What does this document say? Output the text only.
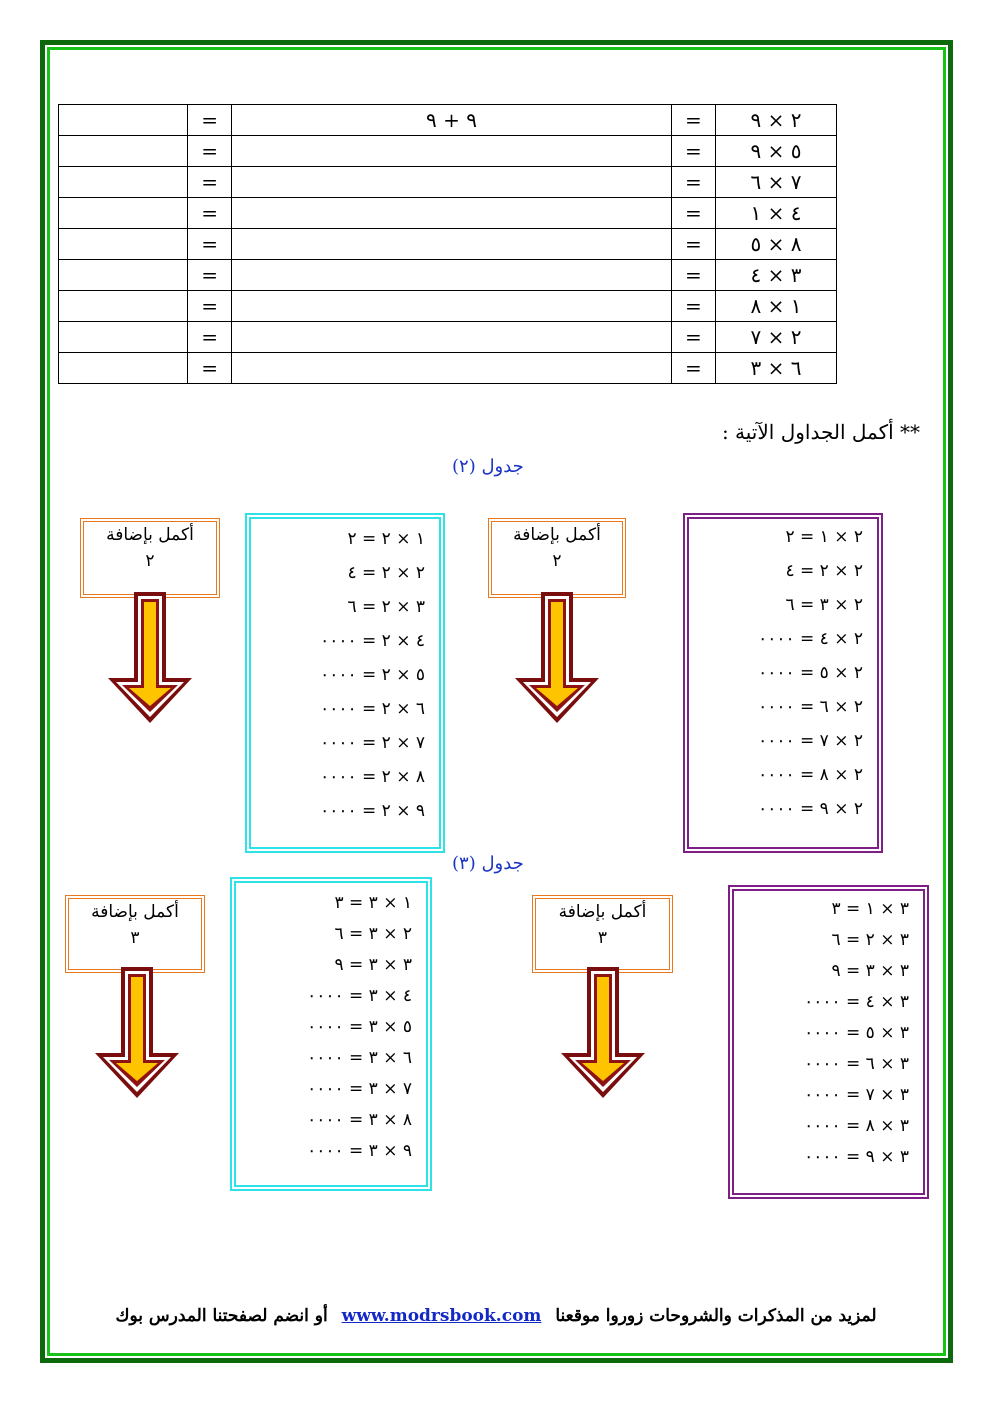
	=	٩ + ٩	=	٢ × ٩
	=		=	٥ × ٩
	=		=	٧ × ٦
	=		=	٤ × ١
	=		=	٨ × ٥
	=		=	٣ × ٤
	=		=	١ × ٨
	=		=	٢ × ٧
	=		=	٦ × ٣
** أكمل الجداول الآتية :
جدول (٢)
٢ × ١ = ٢
٢ × ٢ = ٤
٢ × ٣ = ٦
٢ × ٤ = ٠٠٠٠
٢ × ٥ = ٠٠٠٠
٢ × ٦ = ٠٠٠٠
٢ × ٧ = ٠٠٠٠
٢ × ٨ = ٠٠٠٠
٢ × ٩ = ٠٠٠٠
١ × ٢ = ٢
٢ × ٢ = ٤
٣ × ٢ = ٦
٤ × ٢ = ٠٠٠٠
٥ × ٢ = ٠٠٠٠
٦ × ٢ = ٠٠٠٠
٧ × ٢ = ٠٠٠٠
٨ × ٢ = ٠٠٠٠
٩ × ٢ = ٠٠٠٠
أكمل بإضافة
٢
أكمل بإضافة
٢
جدول (٣)
٣ × ١ = ٣
٣ × ٢ = ٦
٣ × ٣ = ٩
٣ × ٤ = ٠٠٠٠
٣ × ٥ = ٠٠٠٠
٣ × ٦ = ٠٠٠٠
٣ × ٧ = ٠٠٠٠
٣ × ٨ = ٠٠٠٠
٣ × ٩ = ٠٠٠٠
١ × ٣ = ٣
٢ × ٣ = ٦
٣ × ٣ = ٩
٤ × ٣ = ٠٠٠٠
٥ × ٣ = ٠٠٠٠
٦ × ٣ = ٠٠٠٠
٧ × ٣ = ٠٠٠٠
٨ × ٣ = ٠٠٠٠
٩ × ٣ = ٠٠٠٠
أكمل بإضافة
٣
أكمل بإضافة
٣
لمزيد من المذكرات والشروحات زوروا موقعنا www.modrsbook.com أو انضم لصفحتنا المدرس بوك
